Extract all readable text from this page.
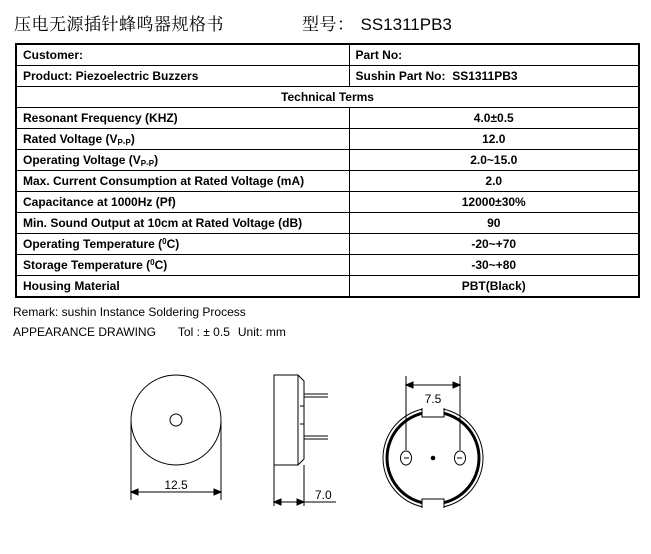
压电无源插针蜂鸣器规格书	型号： SS1311PB3
Customer:	Part No:
Product: Piezoelectric Buzzers	Sushin Part No: SS1311PB3
Technical Terms	
Resonant Frequency (KHZ)	4.0±0.5
Rated Voltage $(V_{P-P})$	12.0
Operating Voltage $(V_{P-P})$	2.0~15.0
Max. Current Consumption at Rated Voltage (mA)	2.0
Capacitance at 1000Hz (Pf)	12000±30%
Min. Sound Output at 10cm at Rated Voltage (dB)	90
Operating Temperature ($^0$C)	-20~+70
Storage Temperature ($^0$C)	-30~+80
Housing Material	PBT(Black)
Remark: sushin Instance Soldering Process
APPEARANCE DRAWING Tol : ± 0.5 Unit: mm
12.5
7.0
7.5
